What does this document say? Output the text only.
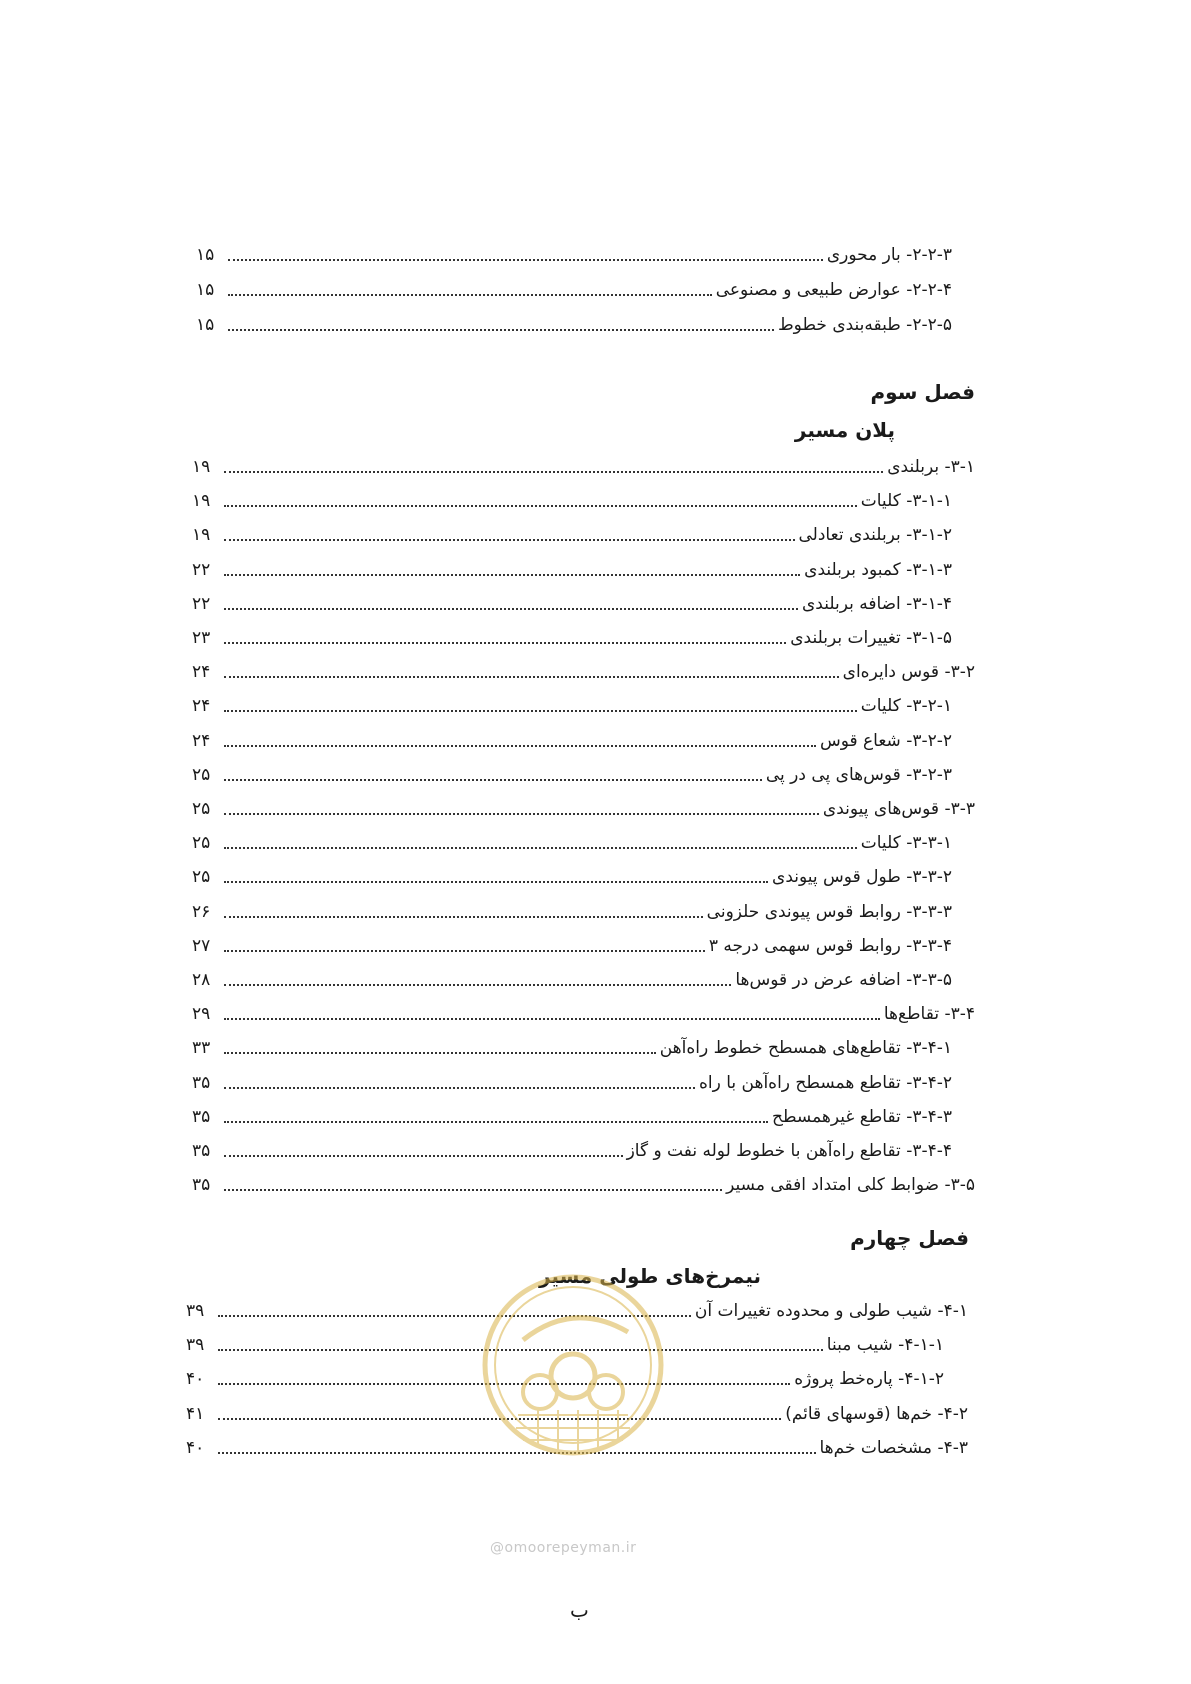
۲-۲-۳- بار محوری
۱۵
۲-۲-۴- عوارض طبیعی و مصنوعی
۱۵
۲-۲-۵- طبقه‌بندی خطوط
۱۵
فصل سوم
پلان مسیر
۳-۱- بربلندی
۱۹
۳-۱-۱- کلیات
۱۹
۳-۱-۲- بربلندی تعادلی
۱۹
۳-۱-۳- کمبود بربلندی
۲۲
۳-۱-۴- اضافه بربلندی
۲۲
۳-۱-۵- تغییرات بربلندی
۲۳
۳-۲- قوس دایره‌ای
۲۴
۳-۲-۱- کلیات
۲۴
۳-۲-۲- شعاع قوس
۲۴
۳-۲-۳- قوس‌های پی در پی
۲۵
۳-۳- قوس‌های پیوندی
۲۵
۳-۳-۱- کلیات
۲۵
۳-۳-۲- طول قوس پیوندی
۲۵
۳-۳-۳- روابط قوس پیوندی حلزونی
۲۶
۳-۳-۴- روابط قوس سهمی درجه ۳
۲۷
۳-۳-۵- اضافه عرض در قوس‌ها
۲۸
۳-۴- تقاطع‌ها
۲۹
۳-۴-۱- تقاطع‌های همسطح خطوط راه‌آهن
۳۳
۳-۴-۲- تقاطع همسطح راه‌آهن با راه
۳۵
۳-۴-۳- تقاطع غیرهمسطح
۳۵
۳-۴-۴- تقاطع راه‌آهن با خطوط لوله نفت و گاز
۳۵
۳-۵- ضوابط کلی امتداد افقی مسیر
۳۵
فصل چهارم
نیمرخ‌های طولی مسیر
۴-۱- شیب طولی و محدوده تغییرات آن
۳۹
۴-۱-۱- شیب مبنا
۳۹
۴-۱-۲- پاره‌خط پروژه
۴۰
۴-۲- خم‌ها (قوسهای قائم)
۴۱
۴-۳- مشخصات خم‌ها
۴۰
@omoorepeyman.ir
ب
